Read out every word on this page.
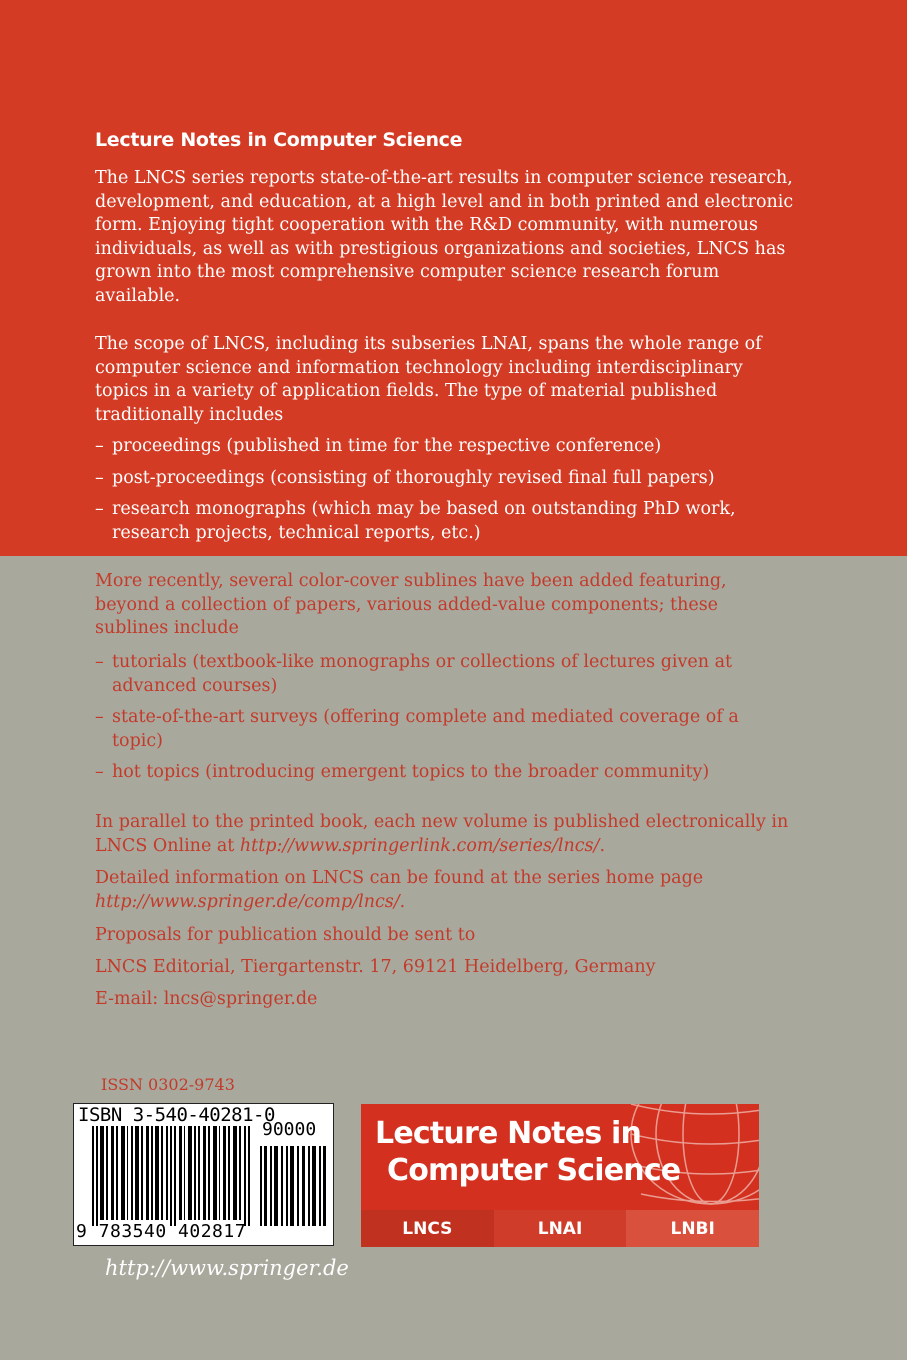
Lecture Notes in Computer Science

The LNCS series reports state-of-the-art results in computer science research, development, and education, at a high level and in both printed and electronic form. Enjoying tight cooperation with the R&D community, with numerous individuals, as well as with prestigious organizations and societies, LNCS has grown into the most comprehensive computer science research forum available.

The scope of LNCS, including its subseries LNAI, spans the whole range of computer science and information technology including interdisciplinary topics in a variety of application fields. The type of material published traditionally includes

– proceedings (published in time for the respective conference)
– post-proceedings (consisting of thoroughly revised final full papers)
– research monographs (which may be based on outstanding PhD work, research projects, technical reports, etc.)

More recently, several color-cover sublines have been added featuring, beyond a collection of papers, various added-value components; these sublines include

– tutorials (textbook-like monographs or collections of lectures given at advanced courses)
– state-of-the-art surveys (offering complete and mediated coverage of a topic)
– hot topics (introducing emergent topics to the broader community)

In parallel to the printed book, each new volume is published electronically in LNCS Online at http://www.springerlink.com/series/lncs/.

Detailed information on LNCS can be found at the series home page http://www.springer.de/comp/lncs/.

Proposals for publication should be sent to

LNCS Editorial, Tiergartenstr. 17, 69121 Heidelberg, Germany

E-mail: lncs@springer.de

ISSN 0302-9743
ISBN 3-540-40281-0
90000
9 783540 402817
http://www.springer.de
Lecture Notes in
Computer Science
LNCS	LNAI	LNBI
